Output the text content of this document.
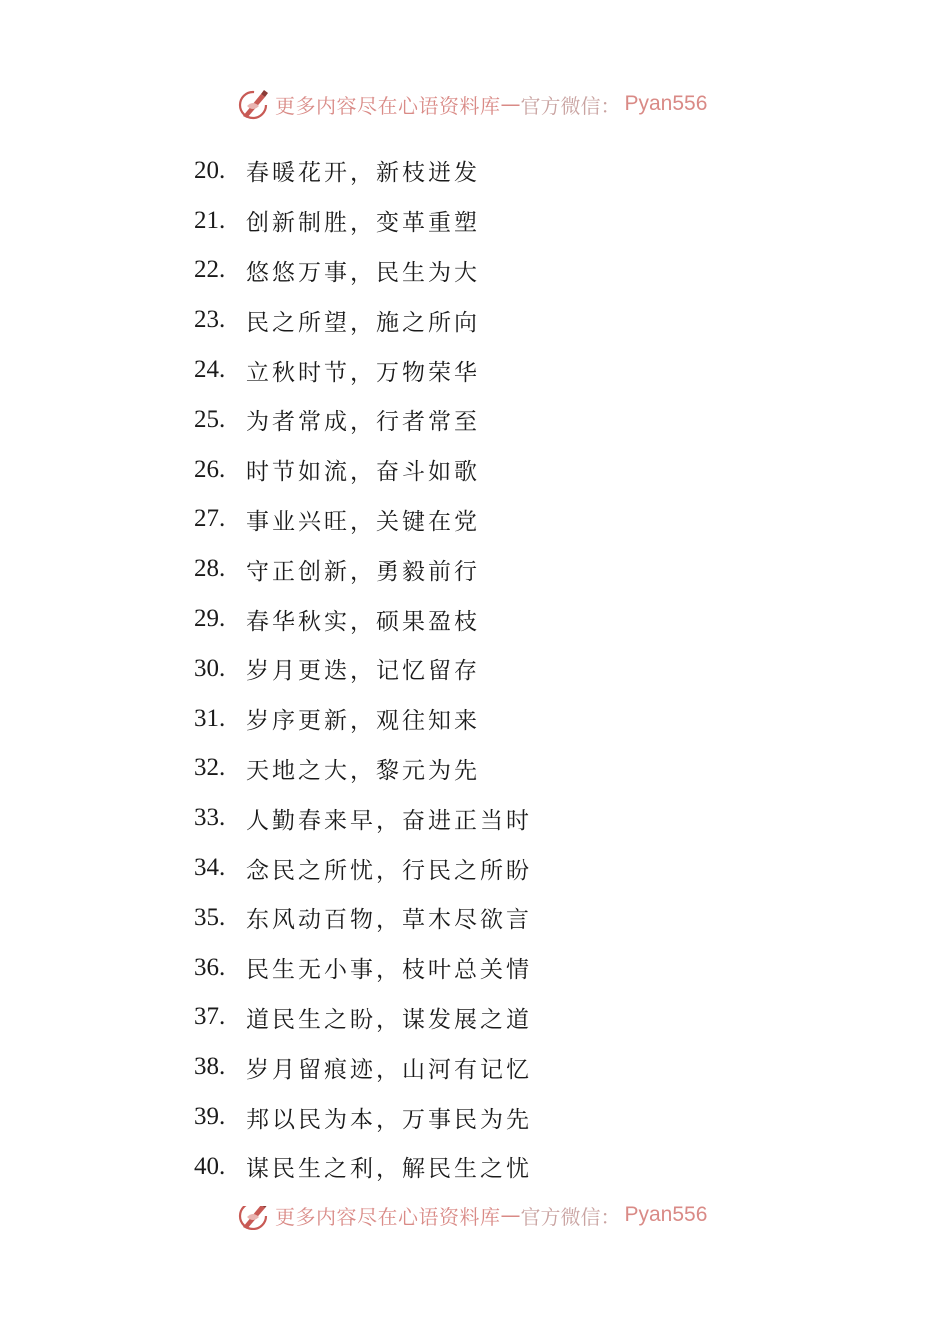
更多内容尽在心语资料库 — 官方微信： Pyan556
20. 春暖花开，新枝迸发
21. 创新制胜，变革重塑
22. 悠悠万事，民生为大
23. 民之所望，施之所向
24. 立秋时节，万物荣华
25. 为者常成，行者常至
26. 时节如流，奋斗如歌
27. 事业兴旺，关键在党
28. 守正创新，勇毅前行
29. 春华秋实，硕果盈枝
30. 岁月更迭，记忆留存
31. 岁序更新，观往知来
32. 天地之大，黎元为先
33. 人勤春来早，奋进正当时
34. 念民之所忧，行民之所盼
35. 东风动百物，草木尽欲言
36. 民生无小事，枝叶总关情
37. 道民生之盼，谋发展之道
38. 岁月留痕迹，山河有记忆
39. 邦以民为本，万事民为先
40. 谋民生之利，解民生之忧
更多内容尽在心语资料库 — 官方微信： Pyan556
